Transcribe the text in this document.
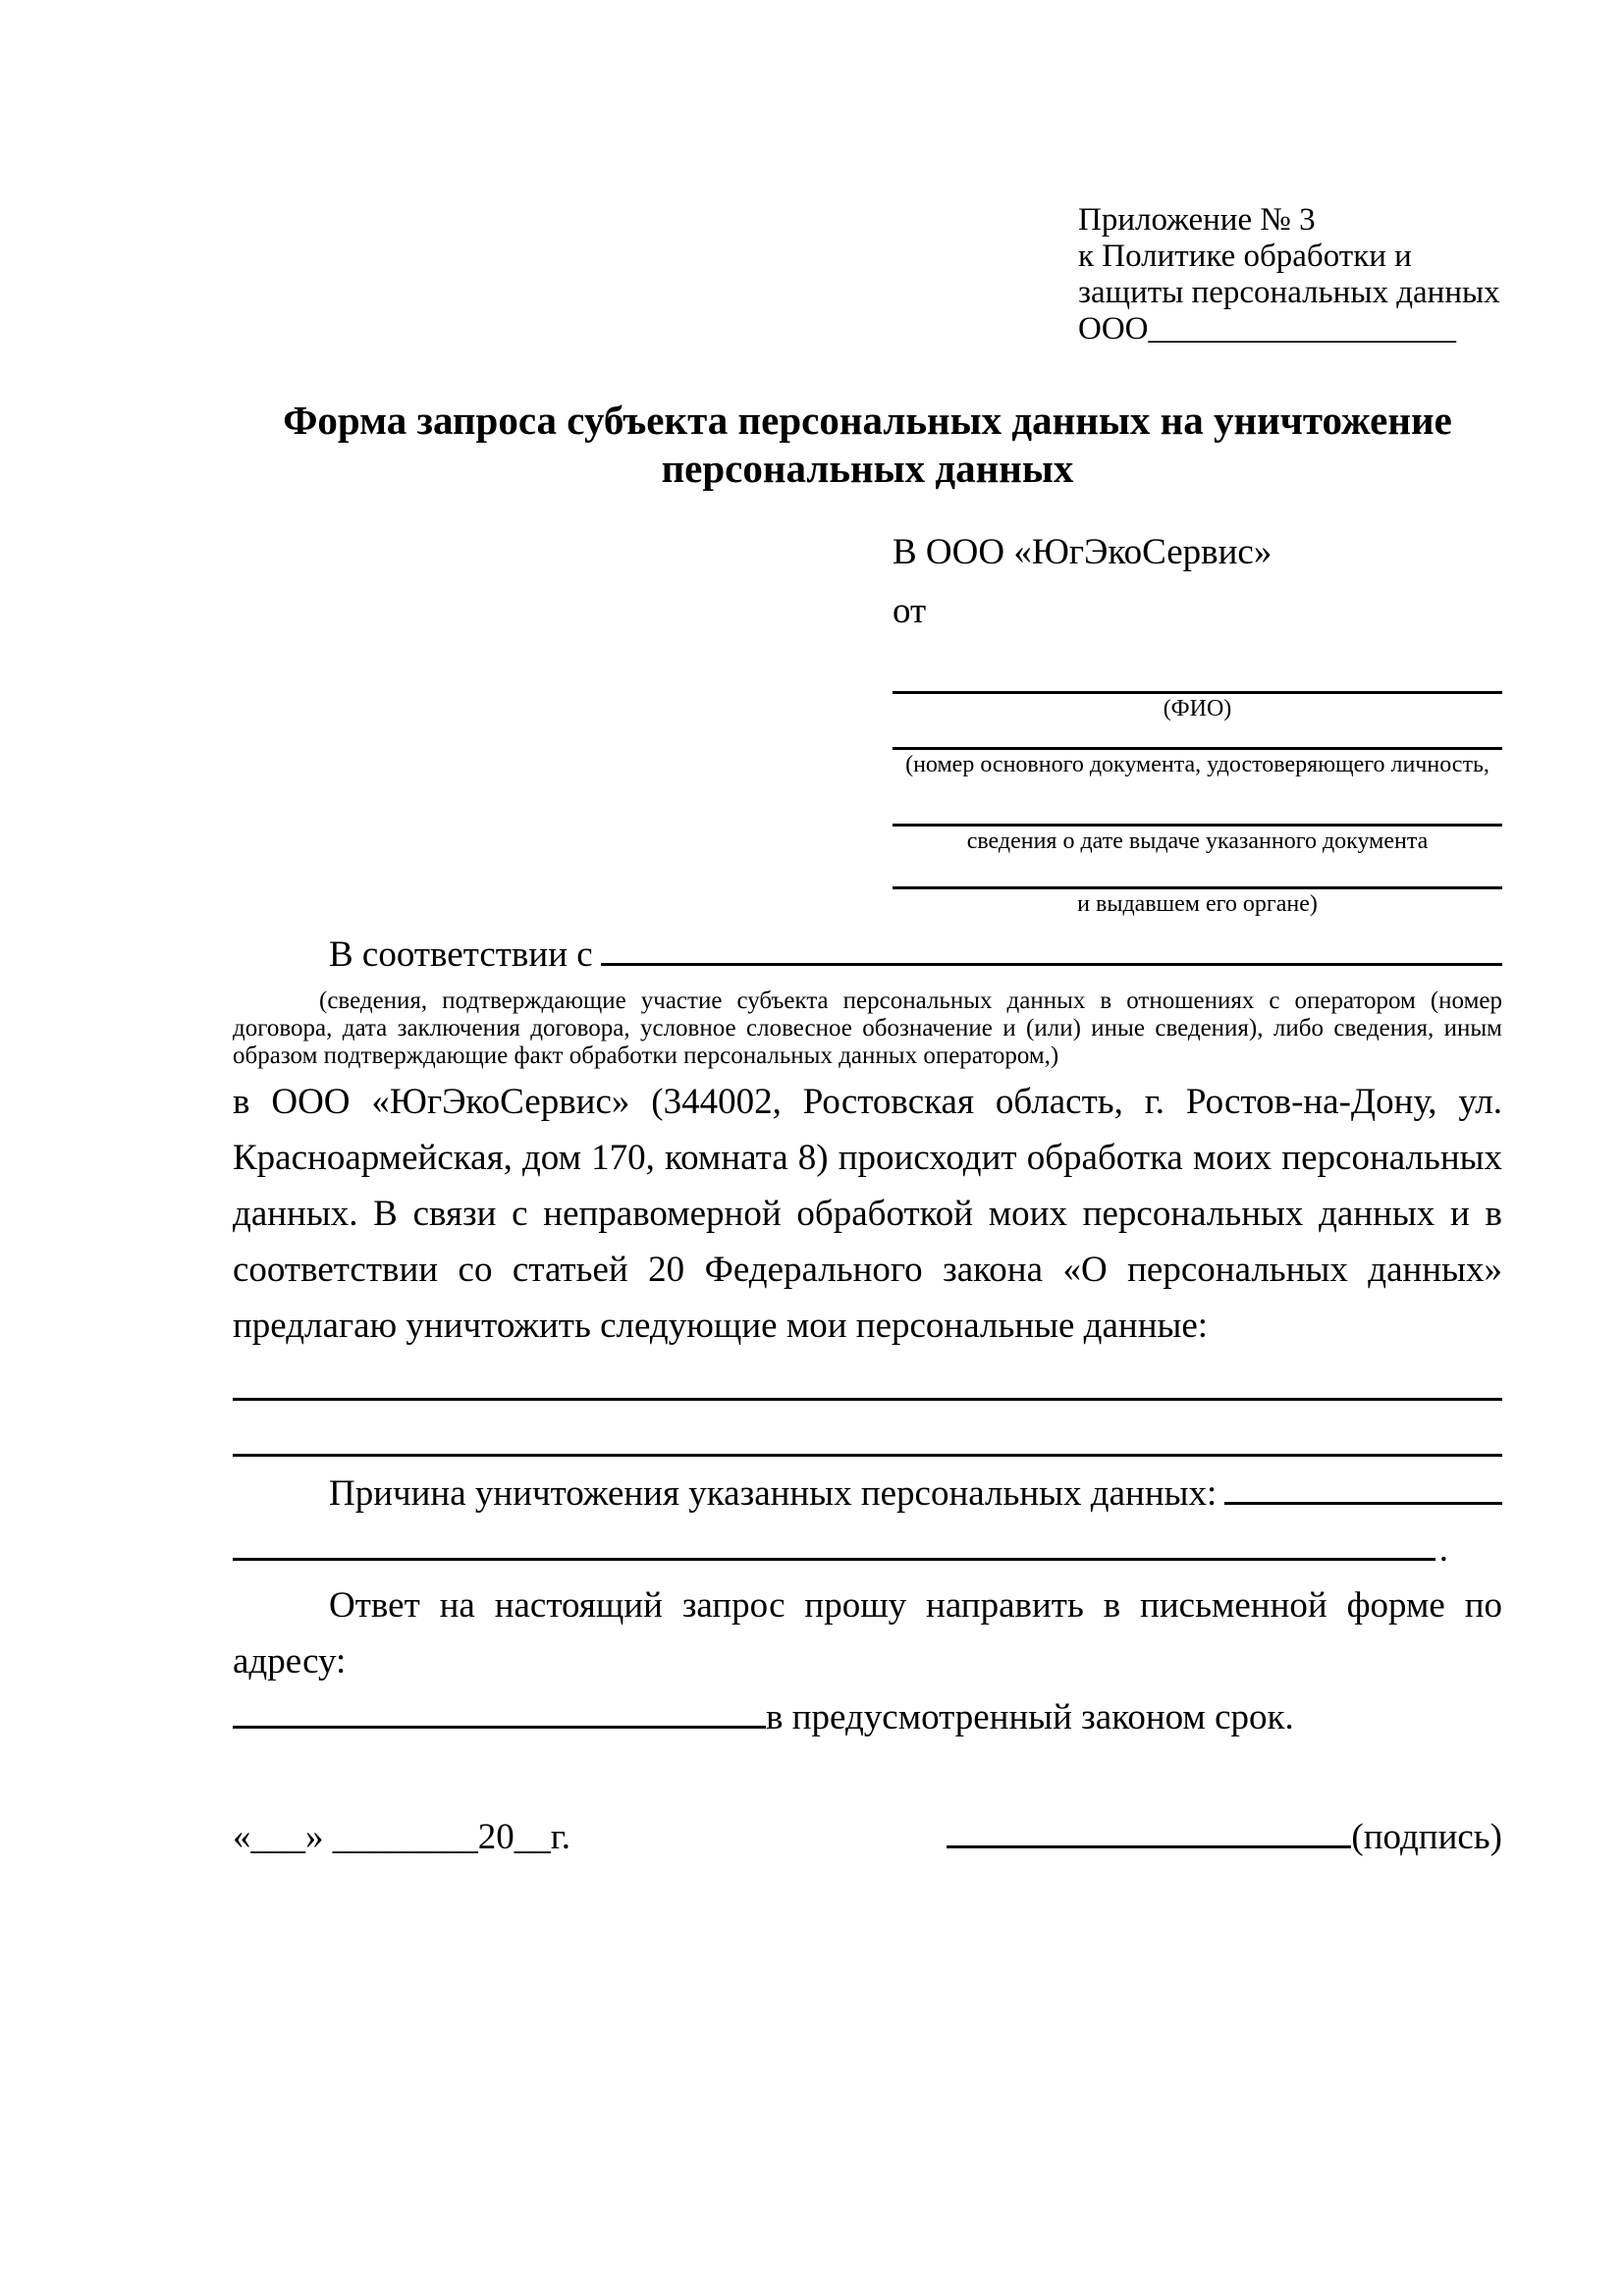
Приложение № 3
к Политике обработки и
защиты персональных данных
ООО___________________
Форма запроса субъекта персональных данных на уничтожение персональных данных
В ООО «ЮгЭкоСервис»
от
(ФИО)
(номер основного документа, удостоверяющего личность,
сведения о дате выдаче указанного документа
и выдавшем его органе)
В соответствии с
(сведения, подтверждающие участие субъекта персональных данных в отношениях с оператором (номер договора, дата заключения договора, условное словесное обозначение и (или) иные сведения), либо сведения, иным образом подтверждающие факт обработки персональных данных оператором,)
в ООО «ЮгЭкоСервис» (344002, Ростовская область, г. Ростов-на-Дону, ул. Красноармейская, дом 170, комната 8) происходит обработка моих персональных данных. В связи с неправомерной обработкой моих персональных данных и в соответствии со статьей 20 Федерального закона «О персональных данных» предлагаю уничтожить следующие мои персональные данные:
Причина уничтожения указанных персональных данных:
.
Ответ на настоящий запрос прошу направить в письменной форме по адресу:
в предусмотренный законом срок.
«___» ________20__г.	(подпись)
